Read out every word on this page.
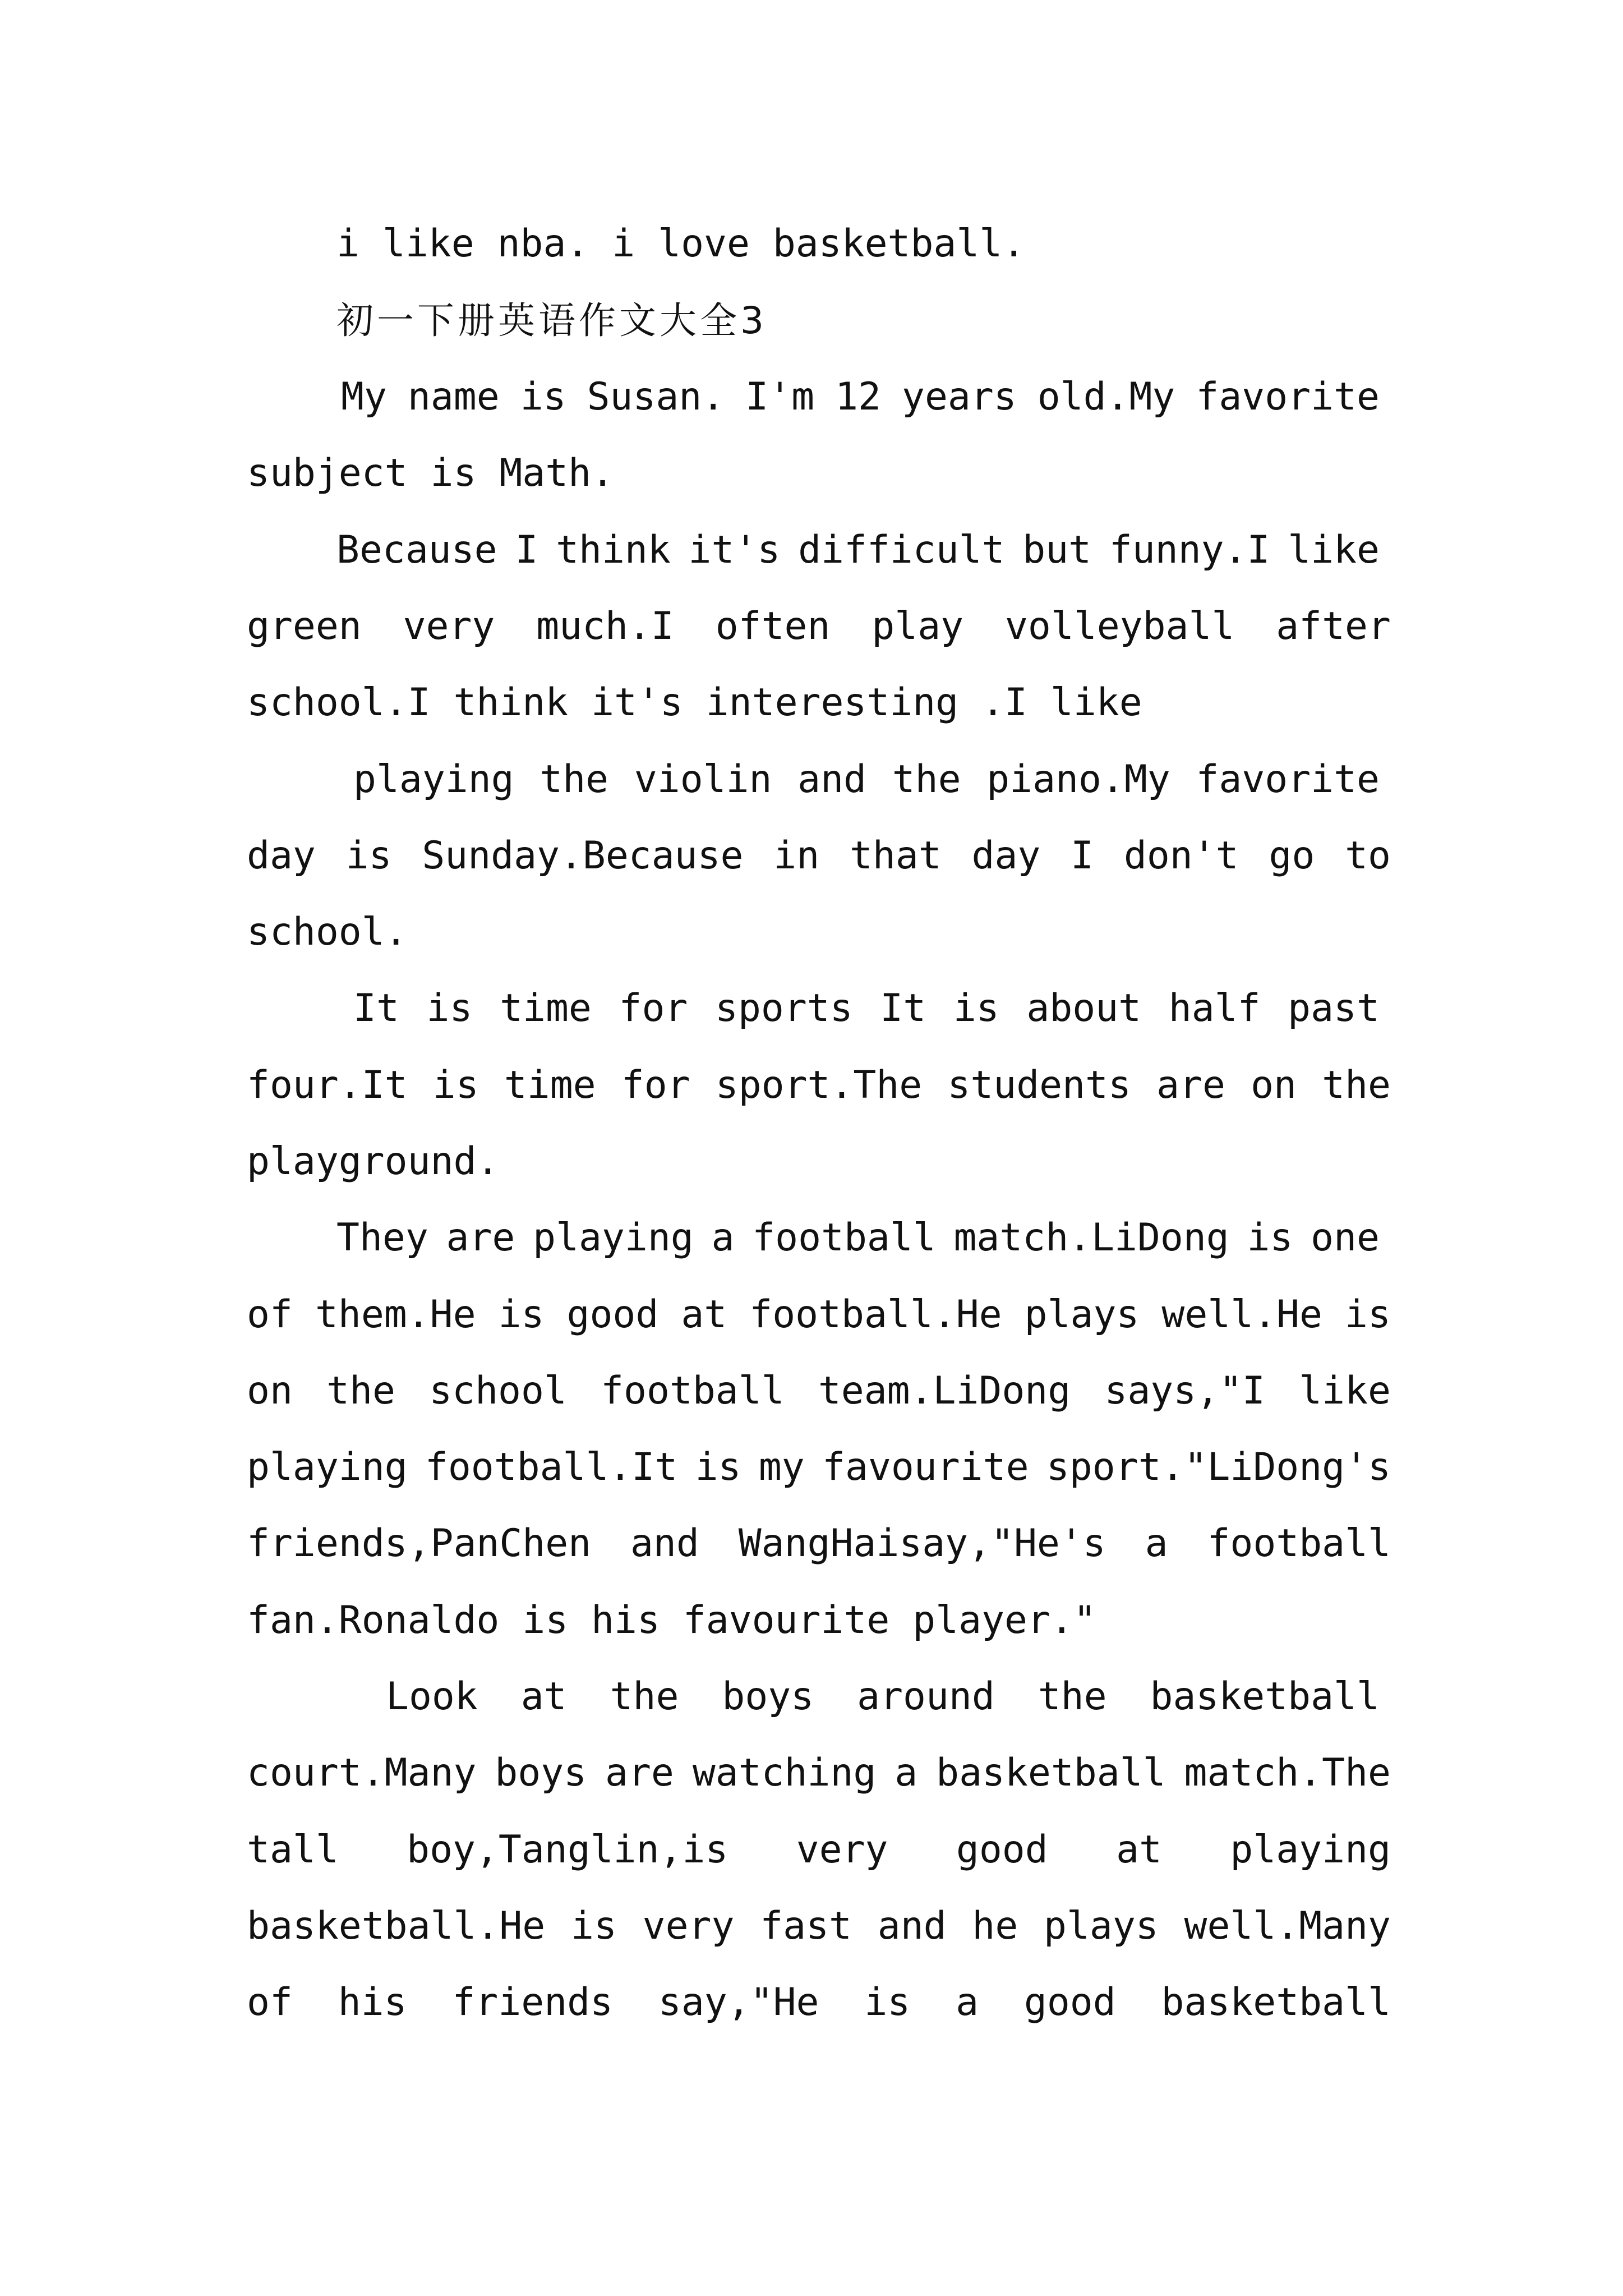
i like nba. i love basketball.
初一下册英语作文大全3
My name is Susan. I'm 12 years old.My favorite
subject is Math.
Because I think it's difficult but funny.I like
green very much.I often play volleyball after
school.I think it's interesting .I like
playing the violin and the piano.My favorite
day is Sunday.Because in that day I don't go to
school.
It is time for sports It is about half past
four.It is time for sport.The students are on the
playground.
They are playing a football match.LiDong is one
of them.He is good at football.He plays well.He is
on the school football team.LiDong says,"I like
playing football.It is my favourite sport."LiDong's
friends,PanChen and WangHaisay,"He's a football
fan.Ronaldo is his favourite player."
Look at the boys around the basketball
court.Many boys are watching a basketball match.The
tall boy,Tanglin,is very good at playing
basketball.He is very fast and he plays well.Many
of his friends say,"He is a good basketball
